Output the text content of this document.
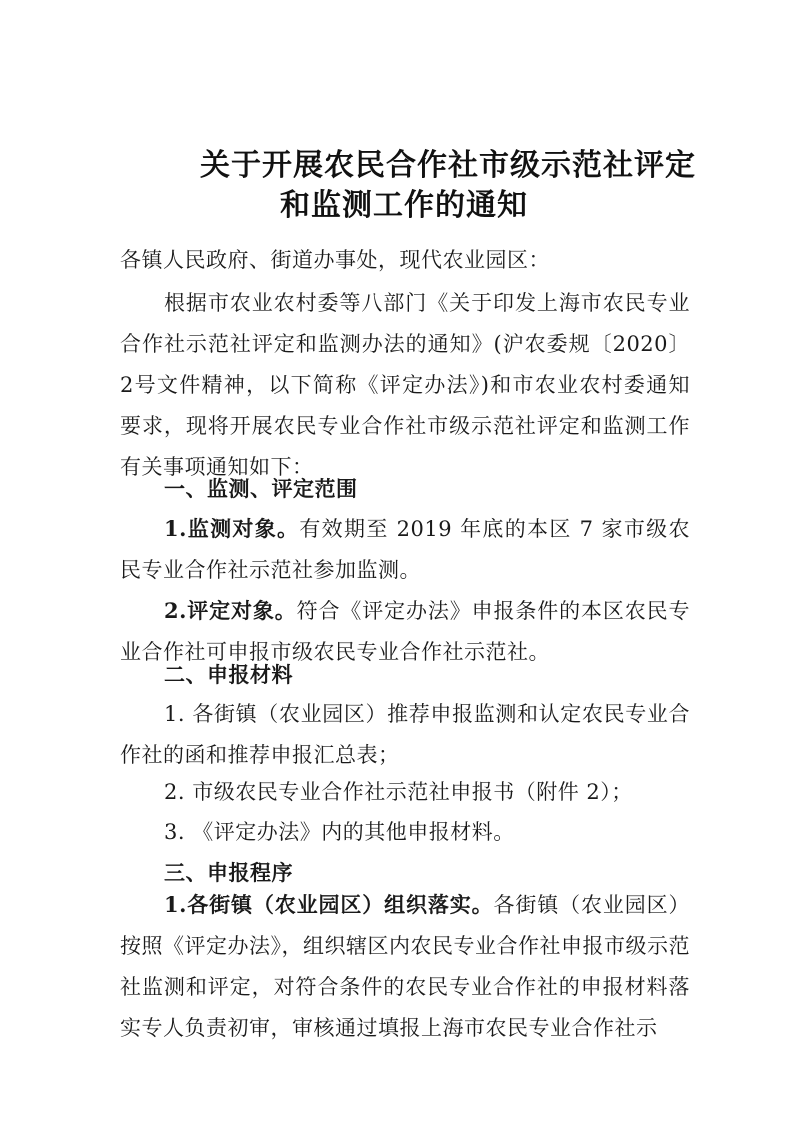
关于开展农民合作社市级示范社评定
和监测工作的通知

各镇人民政府、街道办事处，现代农业园区：

根据市农业农村委等八部门《关于印发上海市农民专业合作社示范社评定和监测办法的通知》(沪农委规〔2020〕2号文件精神，以下简称《评定办法》)和市农业农村委通知要求，现将开展农民专业合作社市级示范社评定和监测工作有关事项通知如下：

一、监测、评定范围

1.监测对象。有效期至 2019 年底的本区 7 家市级农民专业合作社示范社参加监测。

2.评定对象。符合《评定办法》申报条件的本区农民专业合作社可申报市级农民专业合作社示范社。

二、申报材料

1. 各街镇（农业园区）推荐申报监测和认定农民专业合作社的函和推荐申报汇总表；

2. 市级农民专业合作社示范社申报书（附件 2）；

3. 《评定办法》内的其他申报材料。

三、申报程序

1.各街镇（农业园区）组织落实。各街镇（农业园区）按照《评定办法》，组织辖区内农民专业合作社申报市级示范社监测和评定，对符合条件的农民专业合作社的申报材料落实专人负责初审，审核通过填报上海市农民专业合作社示
